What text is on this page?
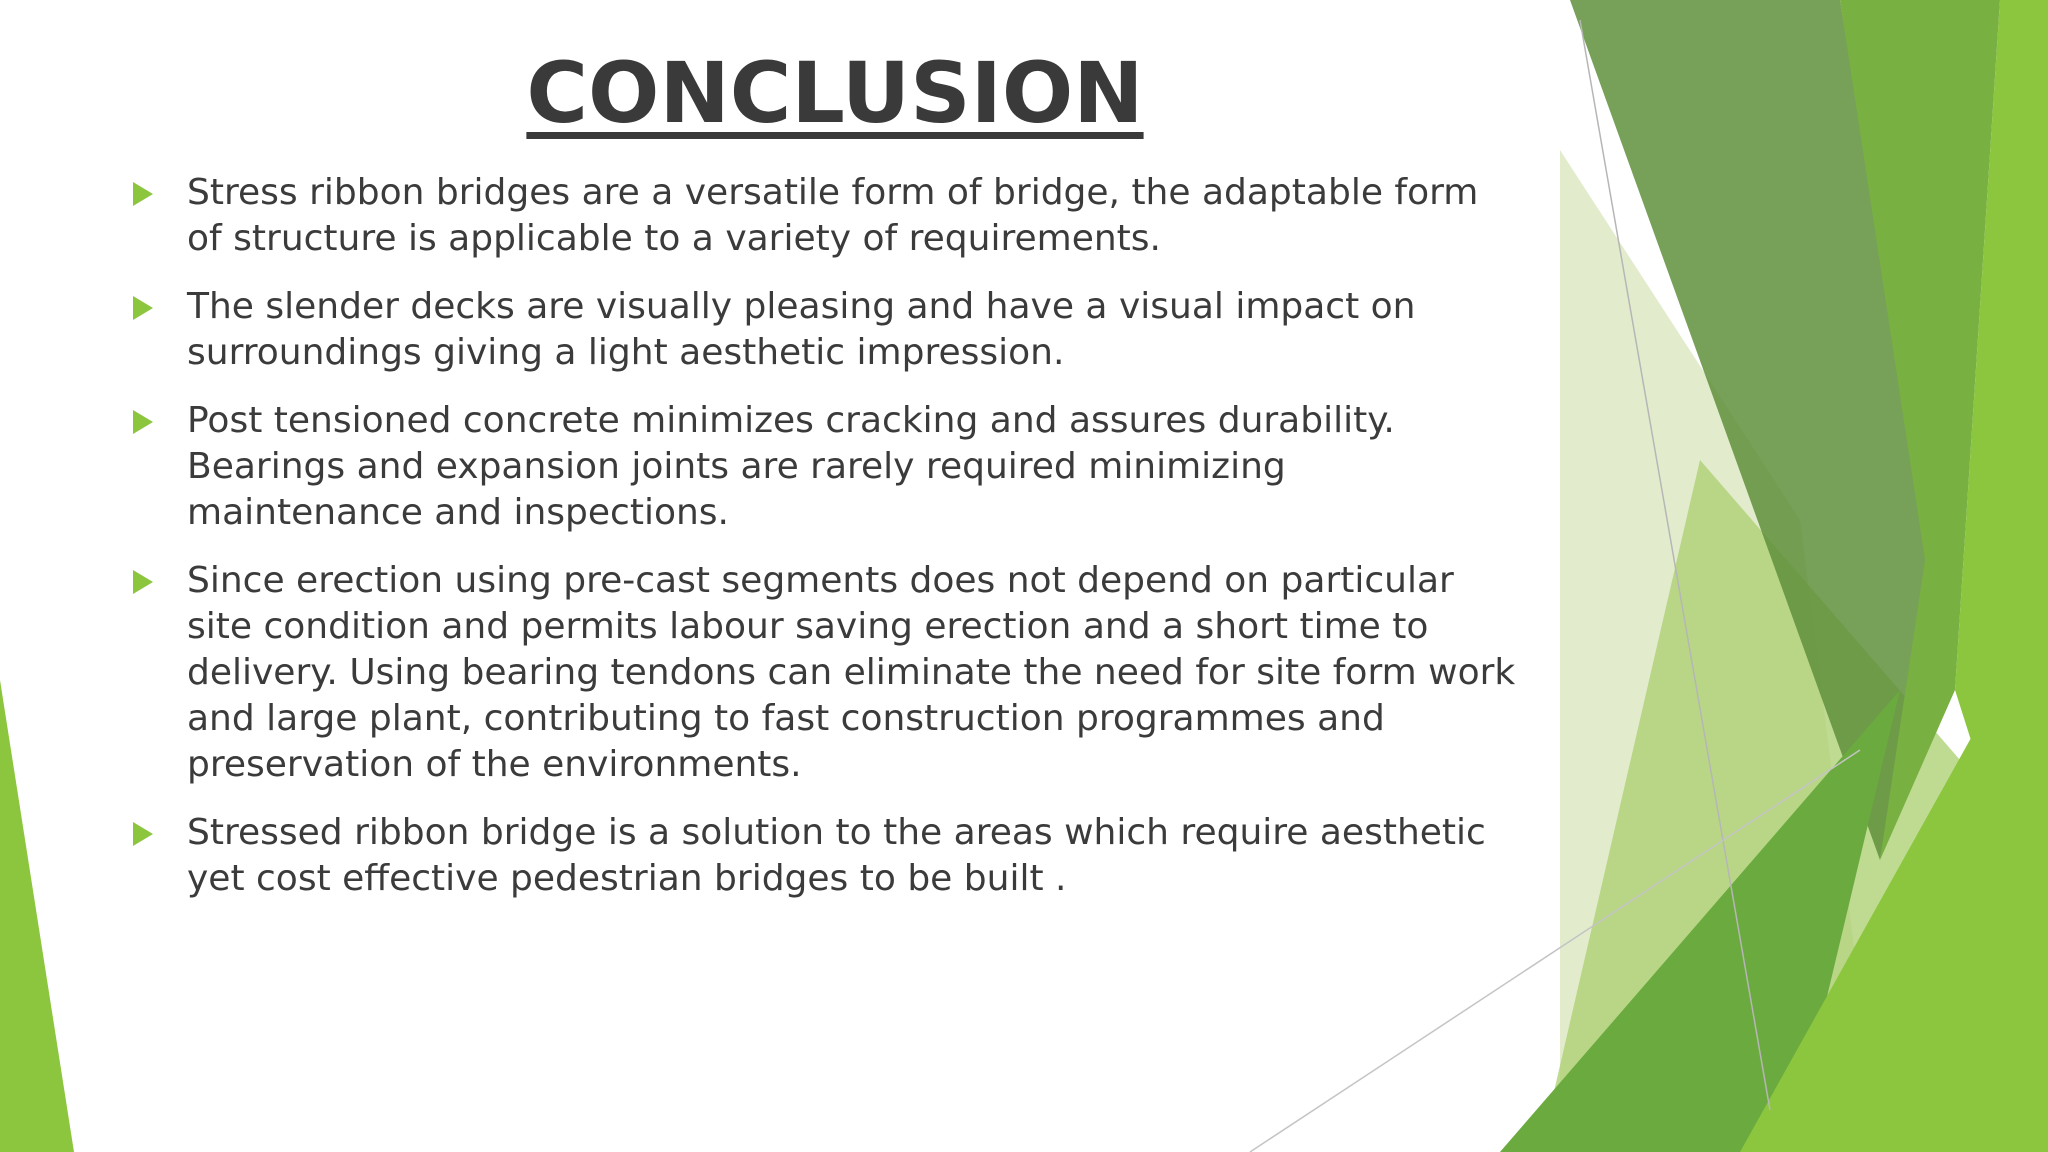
CONCLUSION
Stress ribbon bridges are a versatile form of bridge, the adaptable form of structure is applicable to a variety of requirements.
The slender decks are visually pleasing and have a visual impact on surroundings giving a light aesthetic impression.
Post tensioned concrete minimizes cracking and assures durability. Bearings and expansion joints are rarely required minimizing maintenance and inspections.
Since erection using pre-cast segments does not depend on particular site condition and permits labour saving erection and a short time to delivery. Using bearing tendons can eliminate the need for site form work and large plant, contributing to fast construction programmes and preservation of the environments.
Stressed ribbon bridge is a solution to the areas which require aesthetic yet cost effective pedestrian bridges to be built .
